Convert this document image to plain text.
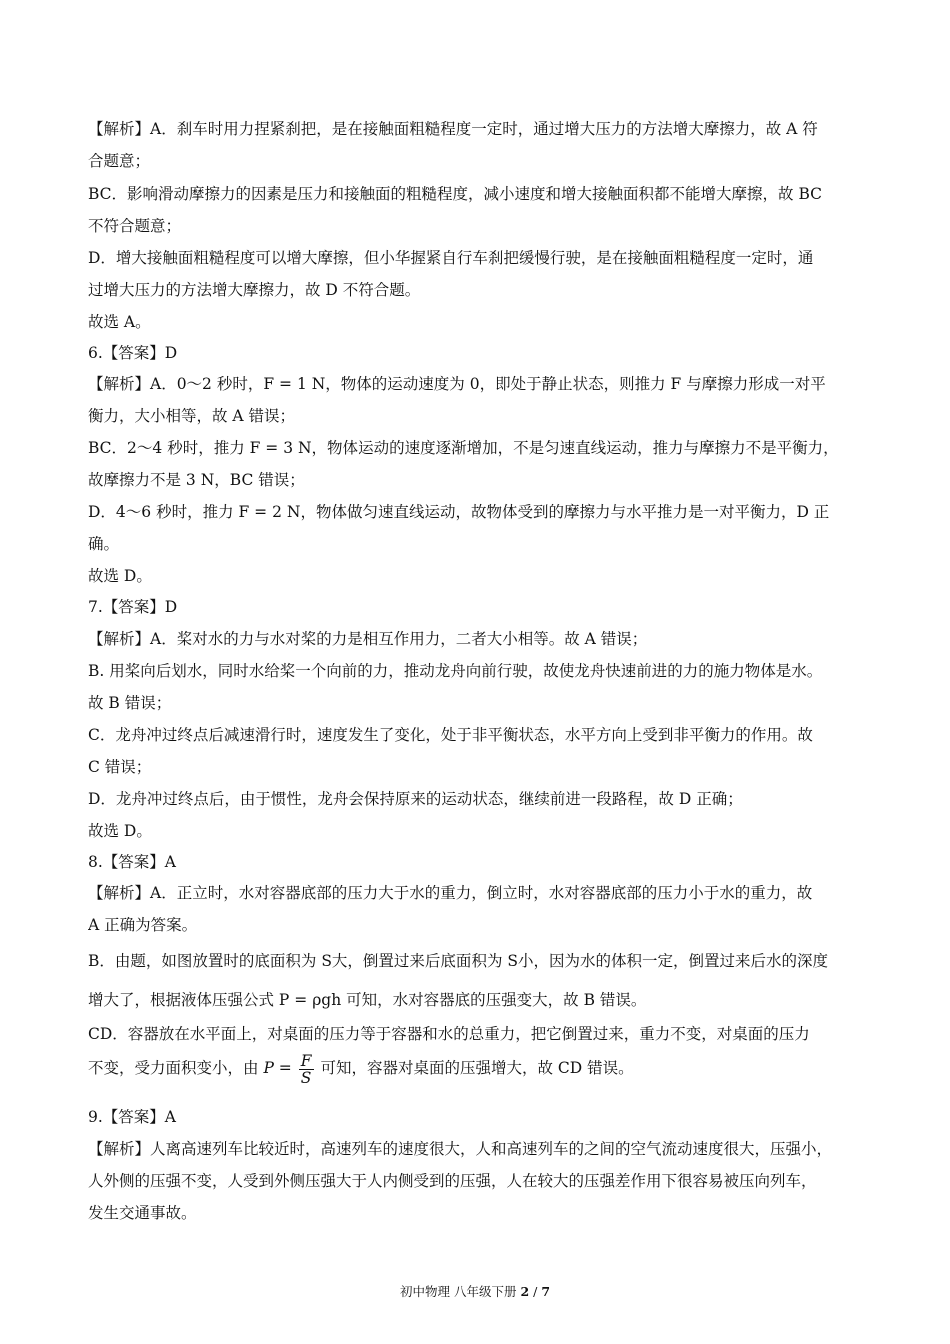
【解析】A．刹车时用力捏紧刹把，是在接触面粗糙程度一定时，通过增大压力的方法增大摩擦力，故 A 符
合题意；
BC．影响滑动摩擦力的因素是压力和接触面的粗糙程度，减小速度和增大接触面积都不能增大摩擦，故 BC
不符合题意；
D．增大接触面粗糙程度可以增大摩擦，但小华握紧自行车刹把缓慢行驶，是在接触面粗糙程度一定时，通
过增大压力的方法增大摩擦力，故 D 不符合题。
故选 A。
6.【答案】D
【解析】A．0～2 秒时，F = 1 N，物体的运动速度为 0，即处于静止状态，则推力 F 与摩擦力形成一对平
衡力，大小相等，故 A 错误；
BC．2～4 秒时，推力 F = 3 N，物体运动的速度逐渐增加，不是匀速直线运动，推力与摩擦力不是平衡力，
故摩擦力不是 3 N，BC 错误；
D．4～6 秒时，推力 F = 2 N，物体做匀速直线运动，故物体受到的摩擦力与水平推力是一对平衡力，D 正
确。
故选 D。
7.【答案】D
【解析】A．桨对水的力与水对桨的力是相互作用力，二者大小相等。故 A 错误；
B. 用桨向后划水，同时水给桨一个向前的力，推动龙舟向前行驶，故使龙舟快速前进的力的施力物体是水。
故 B 错误；
C．龙舟冲过终点后减速滑行时，速度发生了变化，处于非平衡状态，水平方向上受到非平衡力的作用。故
C 错误；
D．龙舟冲过终点后，由于惯性，龙舟会保持原来的运动状态，继续前进一段路程，故 D 正确；
故选 D。
8.【答案】A
【解析】A．正立时，水对容器底部的压力大于水的重力，倒立时，水对容器底部的压力小于水的重力，故
A 正确为答案。
B．由题，如图放置时的底面积为 S大，倒置过来后底面积为 S小，因为水的体积一定，倒置过来后水的深度
增大了，根据液体压强公式 P = ρgh 可知，水对容器底的压强变大，故 B 错误。
CD．容器放在水平面上，对桌面的压力等于容器和水的总重力，把它倒置过来，重力不变，对桌面的压力
不变，受力面积变小，由 $P = \frac{F}{S}$ 可知，容器对桌面的压强增大，故 CD 错误。
9.【答案】A
【解析】人离高速列车比较近时，高速列车的速度很大，人和高速列车的之间的空气流动速度很大，压强小，
人外侧的压强不变，人受到外侧压强大于人内侧受到的压强，人在较大的压强差作用下很容易被压向列车，
发生交通事故。
初中物理 八年级下册 2 / 7
